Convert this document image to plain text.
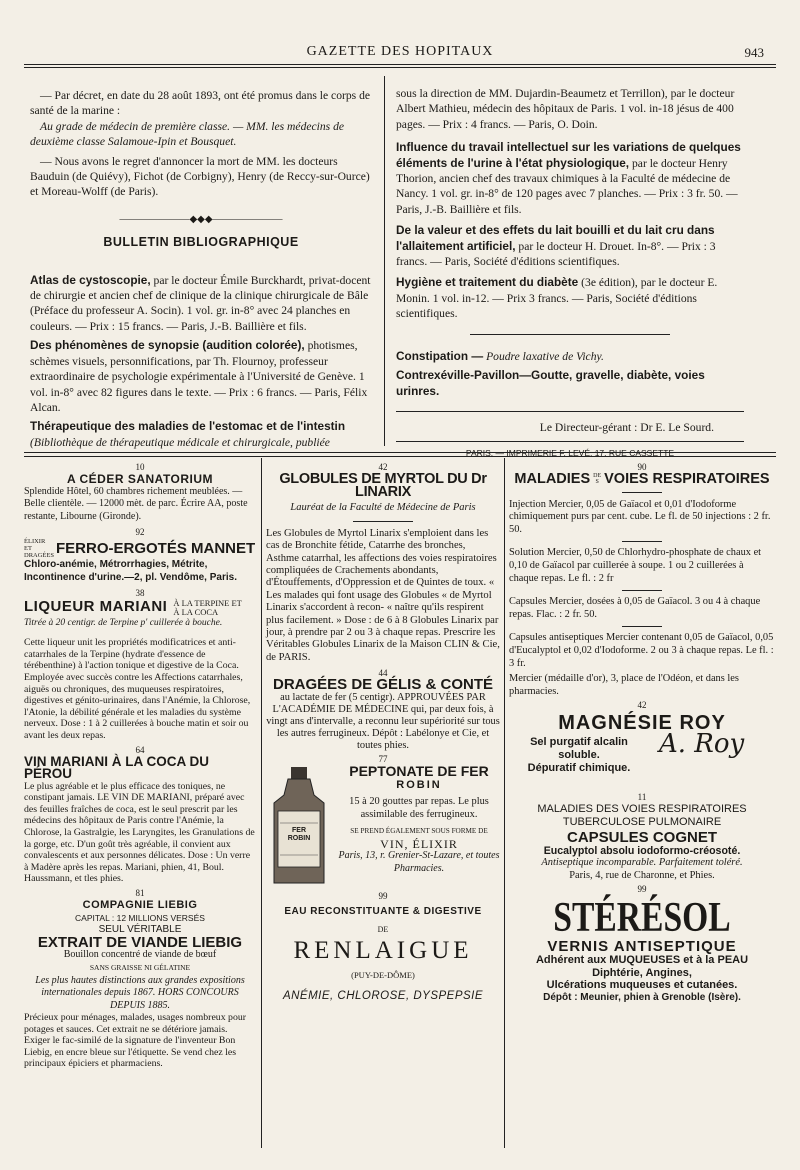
GAZETTE DES HOPITAUX	943

— Par décret, en date du 28 août 1893, ont été promus dans le corps de santé de la marine :

Au grade de médecin de première classe. — MM. les médecins de deuxième classe Salamoue-Ipin et Bousquet.

— Nous avons le regret d'annoncer la mort de MM. les docteurs Bauduin (de Quiévy), Fichot (de Corbigny), Henry (de Reccy-sur-Ource) et Moreau-Wolff (de Paris).

———————◆◆◆———————

BULLETIN BIBLIOGRAPHIQUE

Atlas de cystoscopie, par le docteur Émile Burckhardt, privat-docent de chirurgie et ancien chef de clinique de la clinique chirurgicale de Bâle (Préface du professeur A. Socin). 1 vol. gr. in-8° avec 24 planches en couleurs. — Prix : 15 francs. — Paris, J.-B. Baillière et fils.

Des phénomènes de synopsie (audition colorée), photismes, schèmes visuels, personnifications, par Th. Flournoy, professeur extraordinaire de psychologie expérimentale à l'Université de Genève. 1 vol. in-8° avec 82 figures dans le texte. — Prix : 6 francs. — Paris, Félix Alcan.

Thérapeutique des maladies de l'estomac et de l'intestin (Bibliothèque de thérapeutique médicale et chirurgicale, publiée

sous la direction de MM. Dujardin-Beaumetz et Terrillon), par le docteur Albert Mathieu, médecin des hôpitaux de Paris. 1 vol. in-18 jésus de 400 pages. — Prix : 4 francs. — Paris, O. Doin.

Influence du travail intellectuel sur les variations de quelques éléments de l'urine à l'état physiologique, par le docteur Henry Thorion, ancien chef des travaux chimiques à la Faculté de médecine de Nancy. 1 vol. gr. in-8° de 120 pages avec 7 planches. — Prix : 3 fr. 50. — Paris, J.-B. Baillière et fils.

De la valeur et des effets du lait bouilli et du lait cru dans l'allaitement artificiel, par le docteur H. Drouet. In-8°. — Prix : 3 francs. — Paris, Société d'éditions scientifiques.

Hygiène et traitement du diabète (3e édition), par le docteur E. Monin. 1 vol. in-12. — Prix 3 francs. — Paris, Société d'éditions scientifiques.

Constipation — Poudre laxative de Vichy.

Contrexéville-Pavillon—Goutte, gravelle, diabète, voies urinres.

Le Directeur-gérant : Dr E. Le Sourd.

PARIS. — IMPRIMERIE F. LEVÉ, 17, RUE CASSETTE

10

A CÉDER SANATORIUM

Splendide Hôtel, 60 chambres richement meublées. — Belle clientèle. — 12000 mèt. de parc. Écrire AA, poste restante, Libourne (Gironde).

92
ÉLIXIR ET DRAGÉES FERRO-ERGOTÉS MANNET

Chloro-anémie, Métrorrhagies, Métrite, Incontinence d'urine.—2, pl. Vendôme, Paris.

38
LIQUEUR MARIANI À LA TERPINE ET À LA COCA

Titrée à 20 centigr. de Terpine p' cuillerée à bouche.

Cette liqueur unit les propriétés modificatrices et anti-catarrhales de la Terpine (hydrate d'essence de térébenthine) à l'action tonique et digestive de la Coca. Employée avec succès contre les Affections catarrhales, aiguës ou chroniques, des muqueuses respiratoires, digestives et génito-urinaires, dans l'Anémie, la Chlorose, l'Atonie, la débilité générale et les maladies du système nerveux. Dose : 1 à 2 cuillerées à bouche matin et soir ou avant les deux repas.

64

VIN MARIANI À LA COCA DU PÉROU

Le plus agréable et le plus efficace des toniques, ne constipant jamais. LE VIN DE MARIANI, préparé avec des feuilles fraîches de coca, est le seul prescrit par les médecins des hôpitaux de Paris contre l'Anémie, la Chlorose, la Gastralgie, les Laryngites, les Granulations de la gorge, etc. D'un goût très agréable, il convient aux convalescents et aux personnes délicates. Dose : Un verre à Madère après les repas. Mariani, phien, 41, Boul. Haussmann, et tles phies.

81

COMPAGNIE LIEBIG

CAPITAL : 12 MILLIONS VERSÉS

SEUL VÉRITABLE

EXTRAIT DE VIANDE LIEBIG

Bouillon concentré de viande de bœuf

SANS GRAISSE NI GÉLATINE

Les plus hautes distinctions aux grandes expositions internationales depuis 1867. HORS CONCOURS DEPUIS 1885.

Précieux pour ménages, malades, usages nombreux pour potages et sauces. Cet extrait ne se détériore jamais. Exiger le fac-similé de la signature de l'inventeur Bon Liebig, en encre bleue sur l'étiquette. Se vend chez les principaux épiciers et pharmaciens.

42

GLOBULES DE MYRTOL DU Dr LINARIX

Lauréat de la Faculté de Médecine de Paris

Les Globules de Myrtol Linarix s'emploient dans les cas de Bronchite fétide, Catarrhe des bronches, Asthme catarrhal, les affections des voies respiratoires compliquées de Crachements abondants, d'Étouffements, d'Oppression et de Quintes de toux. « Les malades qui font usage des Globules « de Myrtol Linarix s'accordent à recon- « naître qu'ils respirent plus facilement. » Dose : de 6 à 8 Globules Linarix par jour, à prendre par 2 ou 3 à chaque repas. Prescrire les Véritables Globules Linarix de la Maison CLIN & Cie, de PARIS.

44

DRAGÉES DE GÉLIS & CONTÉ

au lactate de fer (5 centigr). APPROUVÉES PAR L'ACADÉMIE DE MÉDECINE qui, par deux fois, à vingt ans d'intervalle, a reconnu leur supériorité sur tous les autres ferrugineux. Dépôt : Labélonye et Cie, et toutes phies.

77
FER ROBIN

PEPTONATE DE FER

ROBIN

15 à 20 gouttes par repas. Le plus assimilable des ferrugineux.

SE PREND ÉGALEMENT SOUS FORME DE

VIN, ÉLIXIR

Paris, 13, r. Grenier-St-Lazare, et toutes Pharmacies.

99

EAU RECONSTITUANTE & DIGESTIVE

DE

RENLAIGUE

(PUY-DE-DÔME)

ANÉMIE, CHLOROSE, DYSPEPSIE

90
MALADIES DES VOIES RESPIRATOIRES

Injection Mercier, 0,05 de Gaïacol et 0,01 d'Iodoforme chimiquement purs par cent. cube. Le fl. de 50 injections : 2 fr. 50.

Solution Mercier, 0,50 de Chlorhydro-phosphate de chaux et 0,10 de Gaïacol par cuillerée à soupe. 1 ou 2 cuillerées à chaque repas. Le fl. : 2 fr

Capsules Mercier, dosées à 0,05 de Gaïacol. 3 ou 4 à chaque repas. Flac. : 2 fr. 50.

Capsules antiseptiques Mercier contenant 0,05 de Gaïacol, 0,05 d'Eucalyptol et 0,02 d'Iodoforme. 2 ou 3 à chaque repas. Le fl. : 3 fr.

Mercier (médaille d'or), 3, place de l'Odéon, et dans les pharmacies.

42

MAGNÉSIE ROY

Sel purgatif alcalin

soluble.

Dépuratif chimique.

A. Roy
11

MALADIES DES VOIES RESPIRATOIRES

TUBERCULOSE PULMONAIRE

CAPSULES COGNET

Eucalyptol absolu iodoformo-créosoté.

Antiseptique incomparable. Parfaitement toléré.

Paris, 4, rue de Charonne, et Phies.

99

STÉRÉSOL

VERNIS ANTISEPTIQUE

Adhérent aux MUQUEUSES et à la PEAU

Diphtérie, Angines,

Ulcérations muqueuses et cutanées.

Dépôt : Meunier, phien à Grenoble (Isère).
